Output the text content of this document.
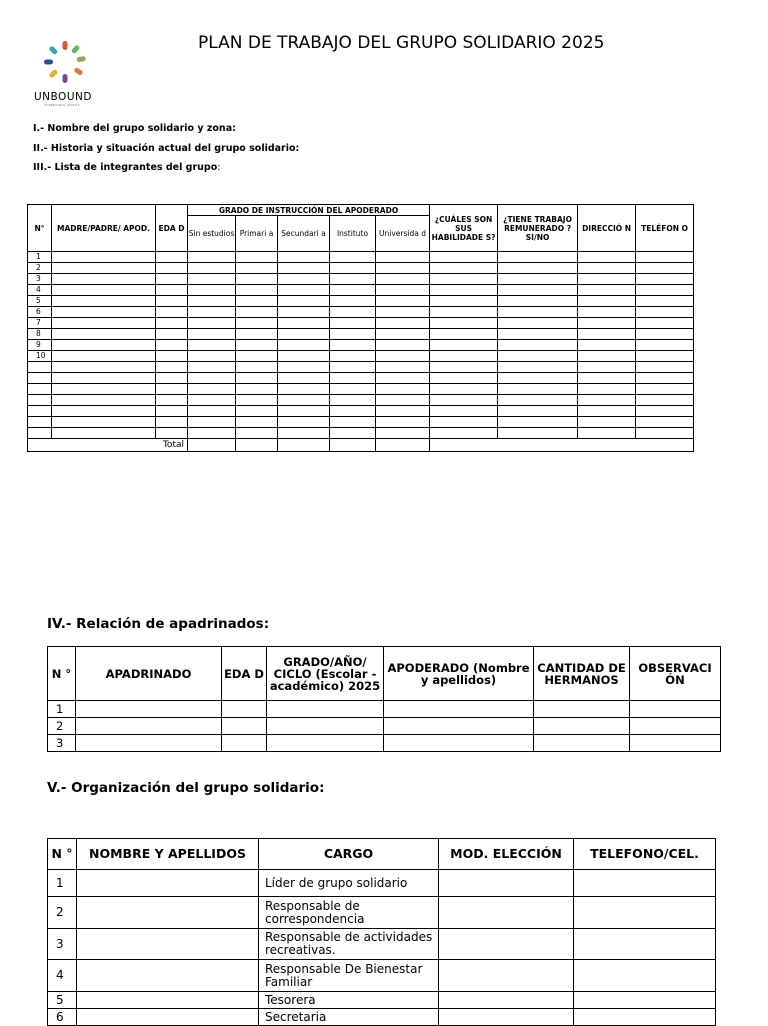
UNBOUND
SUPERANDO JUNTOS
PLAN DE TRABAJO DEL GRUPO SOLIDARIO 2025
I.- Nombre del grupo solidario y zona:
II.- Historia y situación actual del grupo solidario:
III.- Lista de integrantes del grupo:
N°	MADRE/PADRE/ APOD.	EDA D	GRADO DE INSTRUCCIÓN DEL APODERADO					¿CUÁLES SON SUS HABILIDADE S?	¿TIENE TRABAJO REMUNERADO ? SI/NO	DIRECCIÓ N	TELÉFON O
			Sin estudios	Primari a	Secundari a	Instituto	Universida d				
1											
2											
3											
4											
5											
6											
7											
8											
9											
10											

Total											
IV.- Relación de apadrinados:
N °	APADRINADO	EDA D	GRADO/AÑO/ CICLO (Escolar - académico) 2025	APODERADO (Nombre y apellidos)	CANTIDAD DE HERMANOS	OBSERVACI ÓN
1						
2						
3						
V.- Organización del grupo solidario:
N °	NOMBRE Y APELLIDOS	CARGO	MOD. ELECCIÓN	TELEFONO/CEL.
1		Líder de grupo solidario		
2		Responsable de correspondencia		
3		Responsable de actividades recreativas.		
4		Responsable De Bienestar Familiar		
5		Tesorera		
6		Secretaria		
